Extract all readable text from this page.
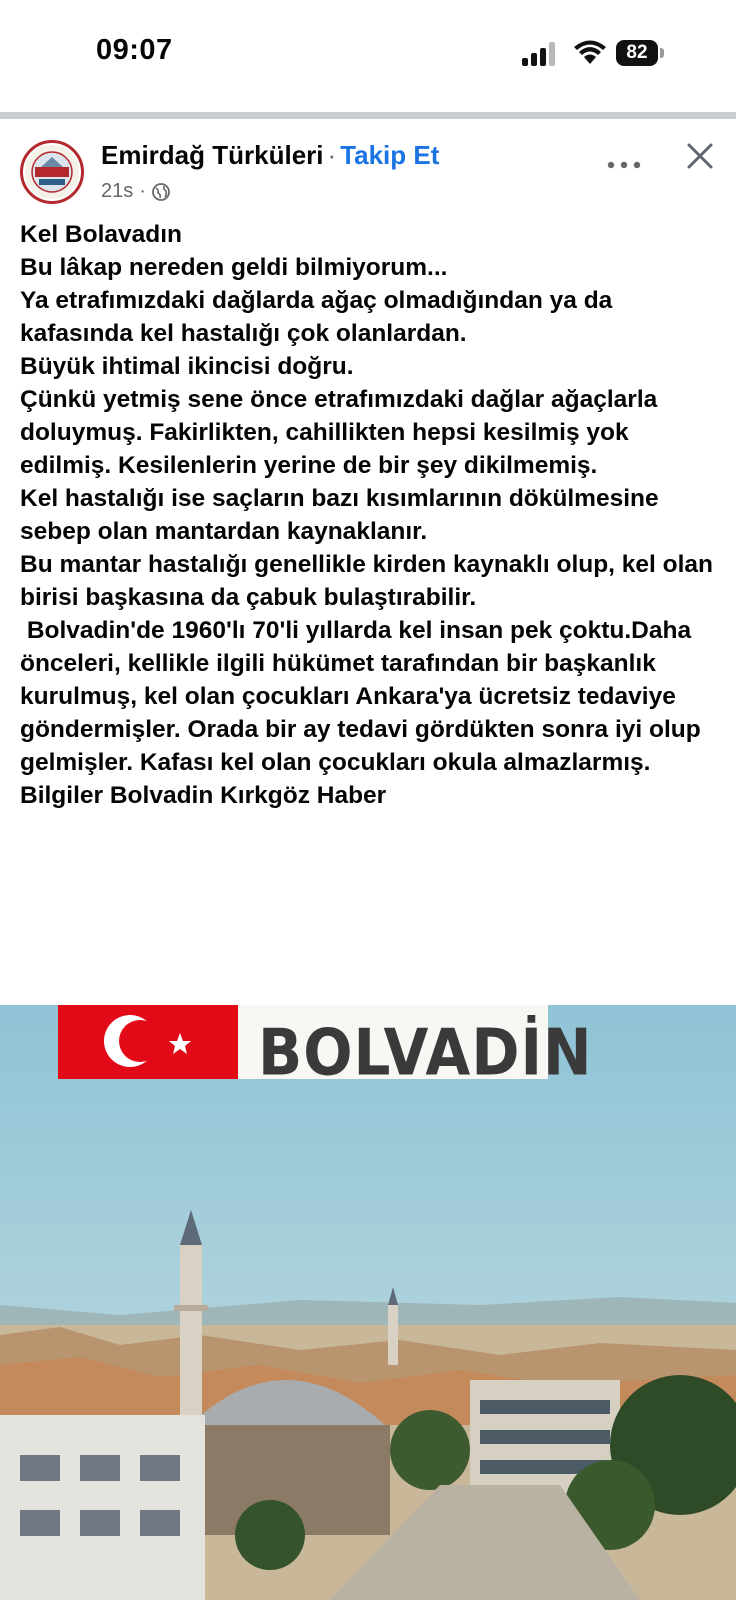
09:07	82
Emirdağ Türküleri · Takip Et
21s ·

Kel Bolavadın
Bu lâkap nereden geldi bilmiyorum...
Ya etrafımızdaki dağlarda ağaç olmadığından ya da kafasında kel hastalığı çok olanlardan.

Büyük ihtimal ikincisi doğru.
Çünkü yetmiş sene önce etrafımızdaki dağlar ağaçlarla doluymuş. Fakirlikten, cahillikten hepsi kesilmiş yok edilmiş. Kesilenlerin yerine de bir şey dikilmemiş.
Kel hastalığı ise saçların bazı kısımlarının dökülmesine sebep olan mantardan kaynaklanır.
Bu mantar hastalığı genellikle kirden kaynaklı olup, kel olan birisi başkasına da çabuk bulaştırabilir.

Bolvadin'de 1960'lı 70'li yıllarda kel insan pek çoktu.Daha önceleri, kellikle ilgili hükümet tarafından bir başkanlık kurulmuş, kel olan çocukları Ankara'ya ücretsiz tedaviye göndermişler. Orada bir ay tedavi gördükten sonra iyi olup gelmişler. Kafası kel olan çocukları okula almazlarmış.
Bilgiler Bolvadin Kırkgöz Haber

BOLVADİN
